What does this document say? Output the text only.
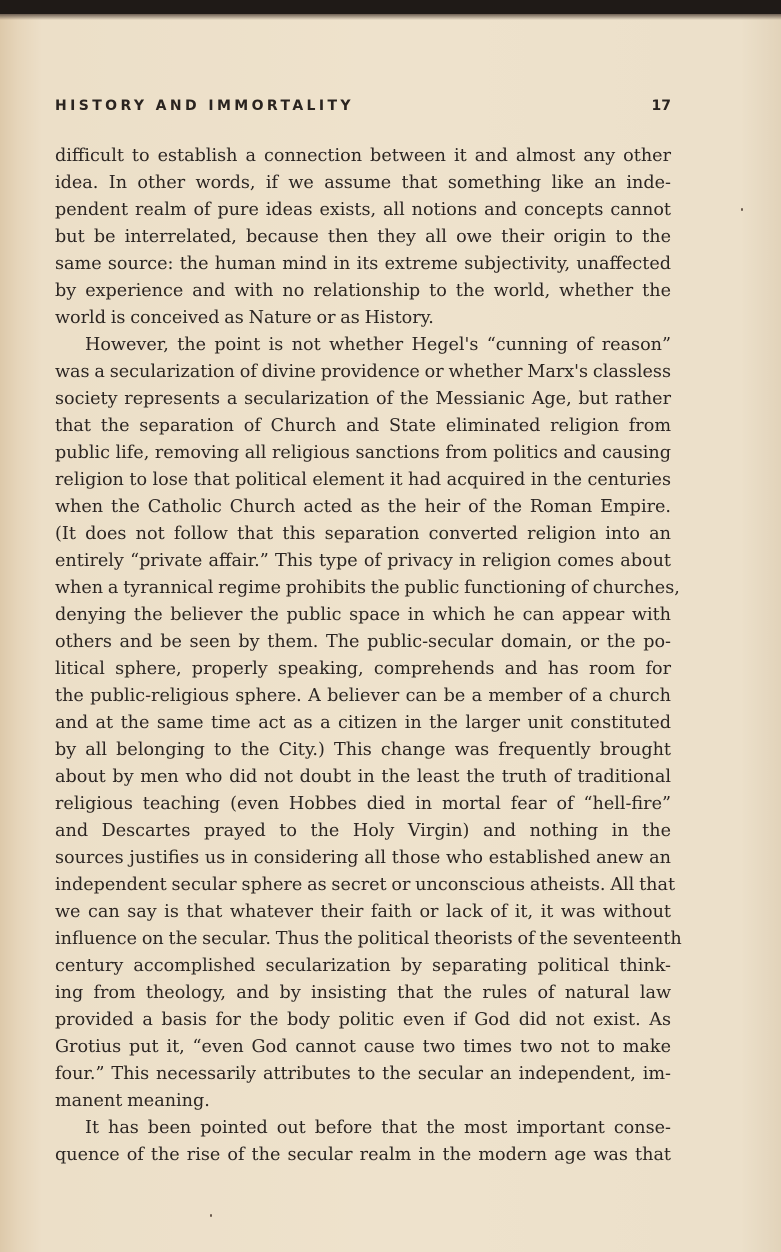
HISTORY AND IMMORTALITY	17
difficult to establish a connection between it and almost any other
idea. In other words, if we assume that something like an inde-
pendent realm of pure ideas exists, all notions and concepts cannot
but be interrelated, because then they all owe their origin to the
same source: the human mind in its extreme subjectivity, unaffected
by experience and with no relationship to the world, whether the
world is conceived as Nature or as History.
However, the point is not whether Hegel's “cunning of reason”
was a secularization of divine providence or whether Marx's classless
society represents a secularization of the Messianic Age, but rather
that the separation of Church and State eliminated religion from
public life, removing all religious sanctions from politics and causing
religion to lose that political element it had acquired in the centuries
when the Catholic Church acted as the heir of the Roman Empire.
(It does not follow that this separation converted religion into an
entirely “private affair.” This type of privacy in religion comes about
when a tyrannical regime prohibits the public functioning of churches,
denying the believer the public space in which he can appear with
others and be seen by them. The public-secular domain, or the po-
litical sphere, properly speaking, comprehends and has room for
the public-religious sphere. A believer can be a member of a church
and at the same time act as a citizen in the larger unit constituted
by all belonging to the City.) This change was frequently brought
about by men who did not doubt in the least the truth of traditional
religious teaching (even Hobbes died in mortal fear of “hell-fire”
and Descartes prayed to the Holy Virgin) and nothing in the
sources justifies us in considering all those who established anew an
independent secular sphere as secret or unconscious atheists. All that
we can say is that whatever their faith or lack of it, it was without
influence on the secular. Thus the political theorists of the seventeenth
century accomplished secularization by separating political think-
ing from theology, and by insisting that the rules of natural law
provided a basis for the body politic even if God did not exist. As
Grotius put it, “even God cannot cause two times two not to make
four.” This necessarily attributes to the secular an independent, im-
manent meaning.
It has been pointed out before that the most important conse-
quence of the rise of the secular realm in the modern age was that
